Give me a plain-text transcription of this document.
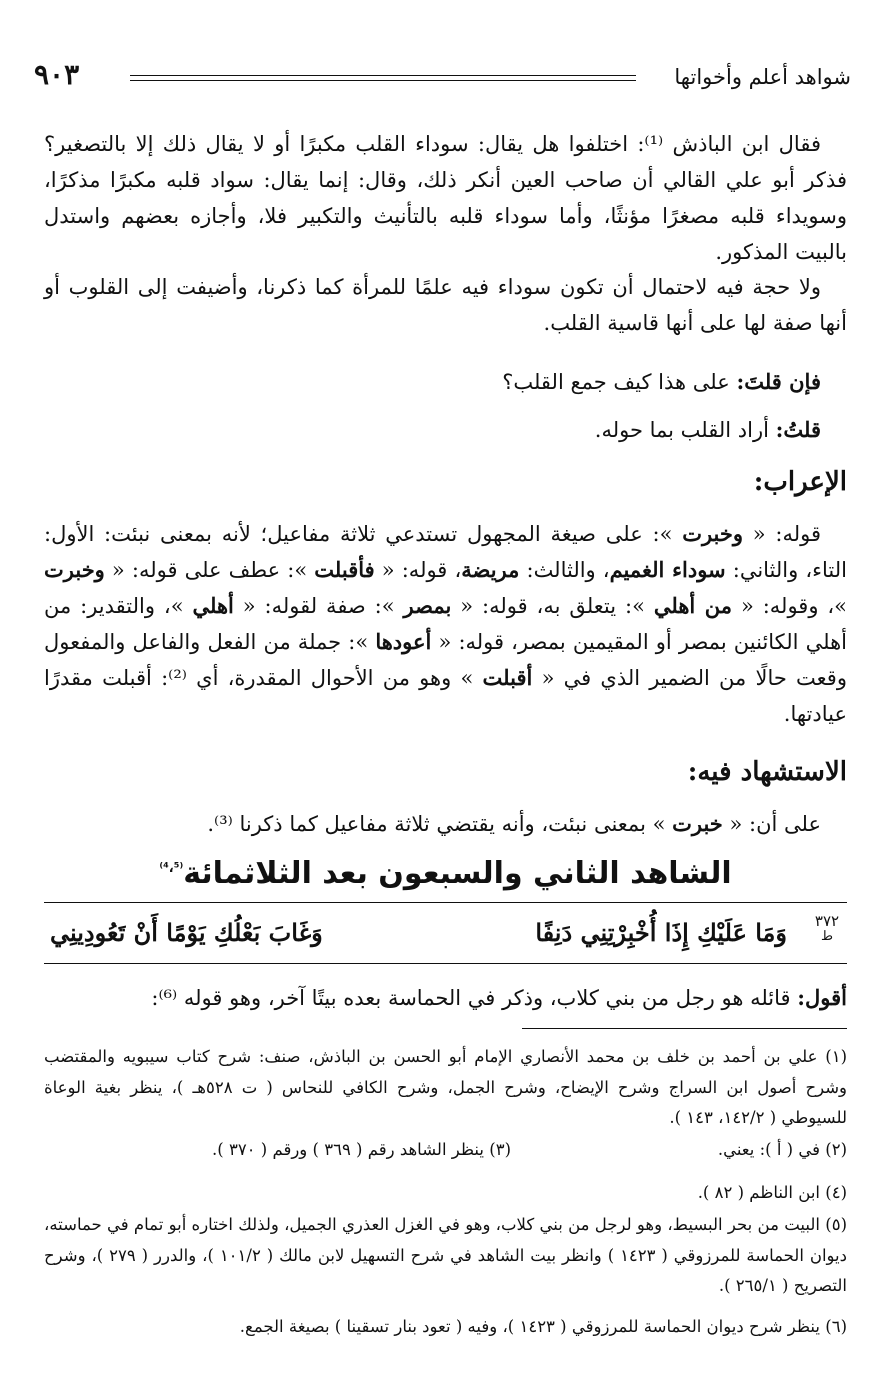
شواهد أعلم وأخواتها
٩٠٣

فقال ابن الباذش ⁽¹⁾: اختلفوا هل يقال: سوداء القلب مكبرًا أو لا يقال ذلك إلا بالتصغير؟ فذكر أبو علي القالي أن صاحب العين أنكر ذلك، وقال: إنما يقال: سواد قلبه مكبرًا مذكرًا، وسويداء قلبه مصغرًا مؤنثًا، وأما سوداء قلبه بالتأنيث والتكبير فلا، وأجازه بعضهم واستدل بالبيت المذكور.

ولا حجة فيه لاحتمال أن تكون سوداء فيه علمًا للمرأة كما ذكرنا، وأضيفت إلى القلوب أو أنها صفة لها على أنها قاسية القلب.

فإن قلتَ: على هذا كيف جمع القلب؟

قلتُ: أراد القلب بما حوله.

الإعراب:

قوله: « وخبرت »: على صيغة المجهول تستدعي ثلاثة مفاعيل؛ لأنه بمعنى نبئت: الأول: التاء، والثاني: سوداء الغميم، والثالث: مريضة، قوله: « فأقبلت »: عطف على قوله: « وخبرت »، وقوله: « من أهلي »: يتعلق به، قوله: « بمصر »: صفة لقوله: « أهلي »، والتقدير: من أهلي الكائنين بمصر أو المقيمين بمصر، قوله: « أعودها »: جملة من الفعل والفاعل والمفعول وقعت حالًا من الضمير الذي في « أقبلت » وهو من الأحوال المقدرة، أي ⁽²⁾: أقبلت مقدرًا عيادتها.

الاستشهاد فيه:

على أن: « خبرت » بمعنى نبئت، وأنه يقتضي ثلاثة مفاعيل كما ذكرنا ⁽³⁾.

الشاهد الثاني والسبعون بعد الثلاثمائة$^{^{(4}،^{5)}}$
٣٧٢
ط
وَمَا عَلَيْكِ إِذَا أُخْبِرْتِنِي دَنِفًا
وَغَابَ بَعْلُكِ يَوْمًا أَنْ تَعُودِينِي

أقول: قائله هو رجل من بني كلاب، وذكر في الحماسة بعده بيتًا آخر، وهو قوله ⁽⁶⁾:

(١) علي بن أحمد بن خلف بن محمد الأنصاري الإمام أبو الحسن بن الباذش، صنف: شرح كتاب سيبويه والمقتضب وشرح أصول ابن السراج وشرح الإيضاح، وشرح الجمل، وشرح الكافي للنحاس ( ت ٥٢٨هـ )، ينظر بغية الوعاة للسيوطي ( ١٤٢/٢، ١٤٣ ).

(٢) في ( أ ): يعني.

(٣) ينظر الشاهد رقم ( ٣٦٩ ) ورقم ( ٣٧٠ ).

(٤) ابن الناظم ( ٨٢ ).

(٥) البيت من بحر البسيط، وهو لرجل من بني كلاب، وهو في الغزل العذري الجميل، ولذلك اختاره أبو تمام في حماسته، ديوان الحماسة للمرزوقي ( ١٤٢٣ ) وانظر بيت الشاهد في شرح التسهيل لابن مالك ( ١٠١/٢ )، والدرر ( ٢٧٩ )، وشرح التصريح ( ٢٦٥/١ ).

(٦) ينظر شرح ديوان الحماسة للمرزوقي ( ١٤٢٣ )، وفيه ( تعود بنار تسقينا ) بصيغة الجمع.
